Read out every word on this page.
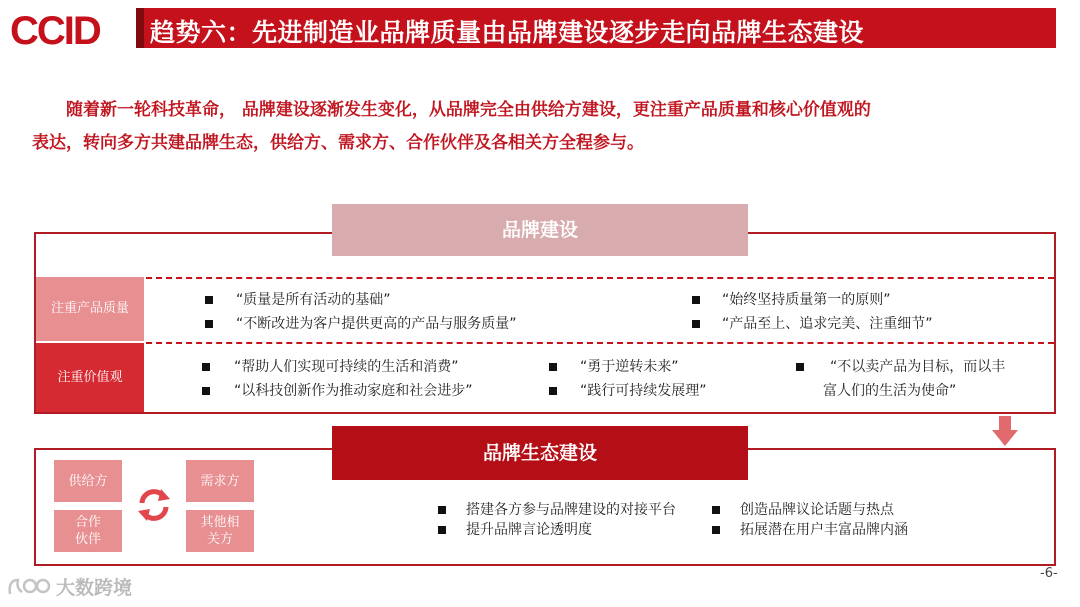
CCID 趋势六：先进制造业品牌质量由品牌建设逐步走向品牌生态建设
随着新一轮科技革命， 品牌建设逐渐发生变化，从品牌完全由供给方建设，更注重产品质量和核心价值观的
表达，转向多方共建品牌生态，供给方、需求方、合作伙伴及各相关方全程参与。
品牌建设
注重产品质量
注重价值观
“质量是所有活动的基础”	“始终坚持质量第一的原则”
“不断改进为客户提供更高的产品与服务质量”	“产品至上、追求完美、注重细节”
“帮助人们实现可持续的生活和消费”	“勇于逆转未来”	“不以卖产品为目标，而以丰
富人们的生活为使命”
“以科技创新作为推动家庭和社会进步”	“践行可持续发展理”
品牌生态建设
供给方	需求方
合作
伙伴
其他相
关方
搭建各方参与品牌建设的对接平台	创造品牌议论话题与热点
提升品牌言论透明度	拓展潜在用户丰富品牌内涵
大数跨境
-6-
